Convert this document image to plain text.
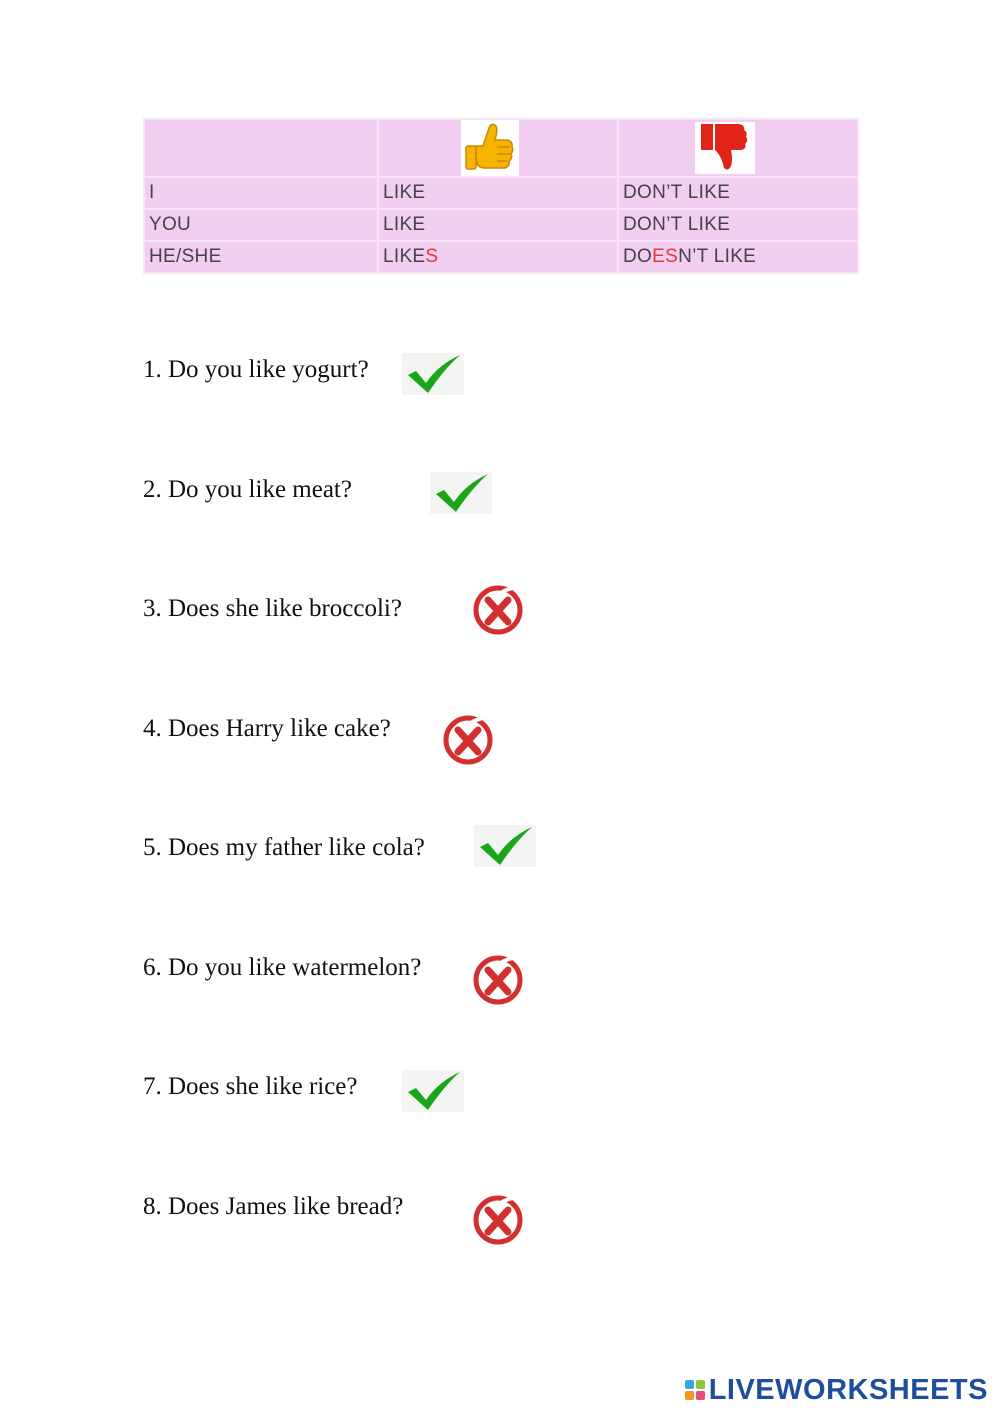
I	LIKE	DON’T LIKE
YOU	LIKE	DON’T LIKE
HE/SHE	LIKES	DOESN’T LIKE
1. Do you like yogurt?
2. Do you like meat?
3. Does she like broccoli?
4. Does Harry like cake?
5. Does my father like cola?
6. Do you like watermelon?
7. Does she like rice?
8. Does James like bread?
LIVEWORKSHEETS
